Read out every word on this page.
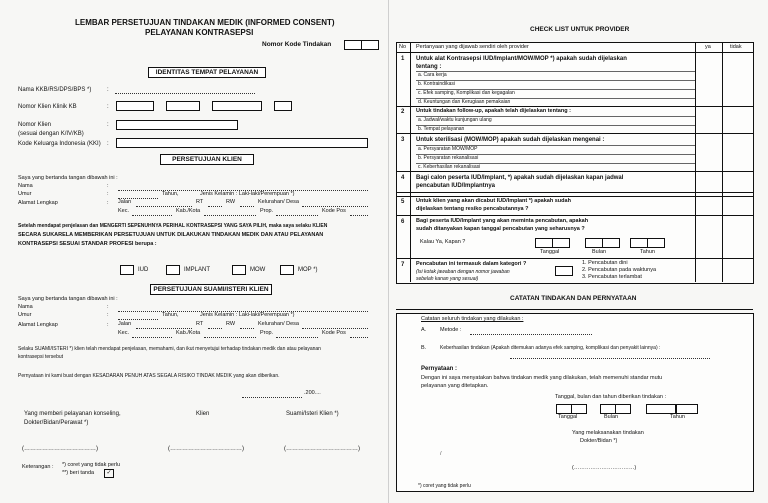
LEMBAR PERSETUJUAN TINDAKAN MEDIK (INFORMED CONSENT)
PELAYANAN KONTRASEPSI
Nomor Kode Tindakan
IDENTITAS TEMPAT PELAYANAN
Nama KKB/RS/DPS/BPS *)	:
Nomor Klien Klinik KB	:
Nomor Klien	:
(sesuai dengan K/IV/KB)
Kode Keluarga Indonesia (KKI) :
PERSETUJUAN KLIEN
Saya yang bertanda tangan dibawah ini :
Nama	:
Umur	:	Tahun,	Jenis Kelamin : Laki-laki/Perempuan *)
Alamat Lengkap	: Jalan	RT	RW	Kelurahan/ Desa
Kec.	Kab./Kota	Prop.	Kode Pos
Setelah mendapat penjelasan dan MENGERTI SEPENUHNYA PERIHAL KONTRASEPSI YANG SAYA PILIH, maka saya selaku KLIEN
SECARA SUKARELA MEMBERIKAN PERSETUJUAN UNTUK DILAKUKAN TINDAKAN MEDIK DAN ATAU PELAYANAN
KONTRASEPSI SESUAI STANDAR PROFESI berupa :
IUD	IMPLANT	MOW	MOP *)
PERSETUJUAN SUAMI/ISTERI KLIEN
Saya yang bertanda tangan dibawah ini :
Nama	:
Umur	:	Tahun,	Jenis Kelamin : Laki-laki/Perempuan *)
Alamat Lengkap	: Jalan	RT	RW	Kelurahan/ Desa
Kec.	Kab./Kota	Prop.	Kode Pos
Selaku SUAMI/ISTERI *) klien telah mendapat penjelasan, memahami, dan ikut menyetujui terhadap tindakan medik dan atau pelayanan
kontrasepsi tersebut
Pernyataan ini kami buat dengan KESADARAN PENUH ATAS SEGALA RISIKO TINDAK MEDIK yang akan diberikan.
.200....
Yang memberi pelayanan konseling,
Dokter/Bidan/Perawat *)
Klien	Suami/Isteri Klien *)
(………………………………)	(………………………………)	(………………………………)
Keterangan : *) coret yang tidak perlu
**) beri tanda	✓
CHECK LIST UNTUK PROVIDER
No Pertanyaan yang dijawab sendiri oleh provider	ya	tidak
1 Untuk alat Kontrasepsi IUD/Implant/MOW/MOP *) apakah sudah dijelaskan
tentang :
a. Cara kerja
b. Kontraindikasi
c. Efek samping, Komplikasi dan kegagalan
d. Keuntungan dan Kerugiaan pemakaian
2 Untuk tindakan follow-up, apakah telah dijelaskan tentang :
a. Jadwal/waktu kunjungan ulang
b. Tempat pelayanan
3 Untuk sterilisasi (MOW/MOP) apakah sudah dijelaskan mengenai :
a. Persyaratan MOW/MOP
b. Persyaratan rekanalisasi
c. Keberhasilan rekanalisasi
4 Bagi calon peserta IUD/Implant, *) apakah sudah dijelaskan kapan jadwal
pencabutan IUD/Implantnya
5 Untuk klien yang akan dicabut IUD/Implant *) apakah sudah
dijelaskan tentang resiko pencabutannya ?
6 Bagi peserta IUD/Implant yang akan meminta pencabutan, apakah
sudah ditanyakan kapan tanggal pencabutan yang seharusnya ?
Kalau Ya, Kapan ?
Tanggal	Bulan	Tahun
7 Pencabutan ini termasuk dalam kategori ?
(Isi kotak jawaban dengan nomor jawaban
sebelah kanan yang sesuai)
1. Pencabutan dini
2. Pencabutan pada waktunya
3. Pencabutan terlambat
CATATAN TINDAKAN DAN PERNYATAAN
Catatan seluruh tindakan yang dilakukan :
A.	Metode :
B.	Keberhasilan tindakan (Apakah ditemukan adanya efek samping, komplikasi dan penyakit lainnya) :
Pernyataan :
Dengan ini saya menyatakan bahwa tindakan medik yang dilakukan, telah memenuhi standar mutu
pelayanan yang ditetapkan.
Tanggal, bulan dan tahun diberikan tindakan :
Tanggal	Bulan	Tahun
Yang melaksanakan tindakan
Dokter/Bidan *)
/
(……………………………)
*) coret yang tidak perlu
